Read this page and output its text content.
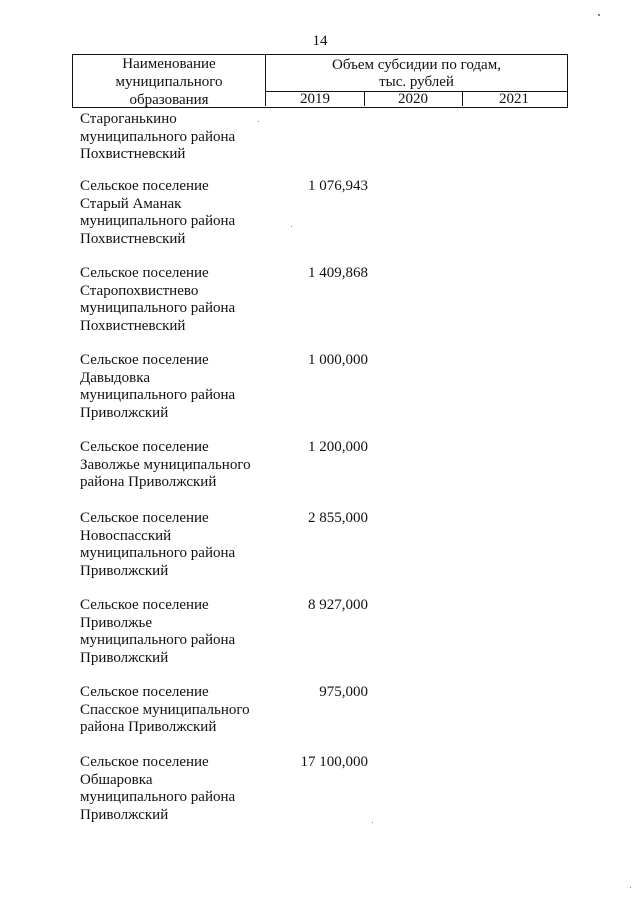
14
Наименование
муниципального
образования
Объем субсидии по годам,
тыс. рублей
2019	2020	2021
Староганькино
муниципального района
Похвистневский
Сельское поселение
Старый Аманак
муниципального района
Похвистневский
1 076,943
Сельское поселение
Старопохвистнево
муниципального района
Похвистневский
1 409,868
Сельское поселение
Давыдовка
муниципального района
Приволжский
1 000,000
Сельское поселение
Заволжье муниципального
района Приволжский
1 200,000
Сельское поселение
Новоспасский
муниципального района
Приволжский
2 855,000
Сельское поселение
Приволжье
муниципального района
Приволжский
8 927,000
Сельское поселение
Спасское муниципального
района Приволжский
975,000
Сельское поселение
Обшаровка
муниципального района
Приволжский
17 100,000
